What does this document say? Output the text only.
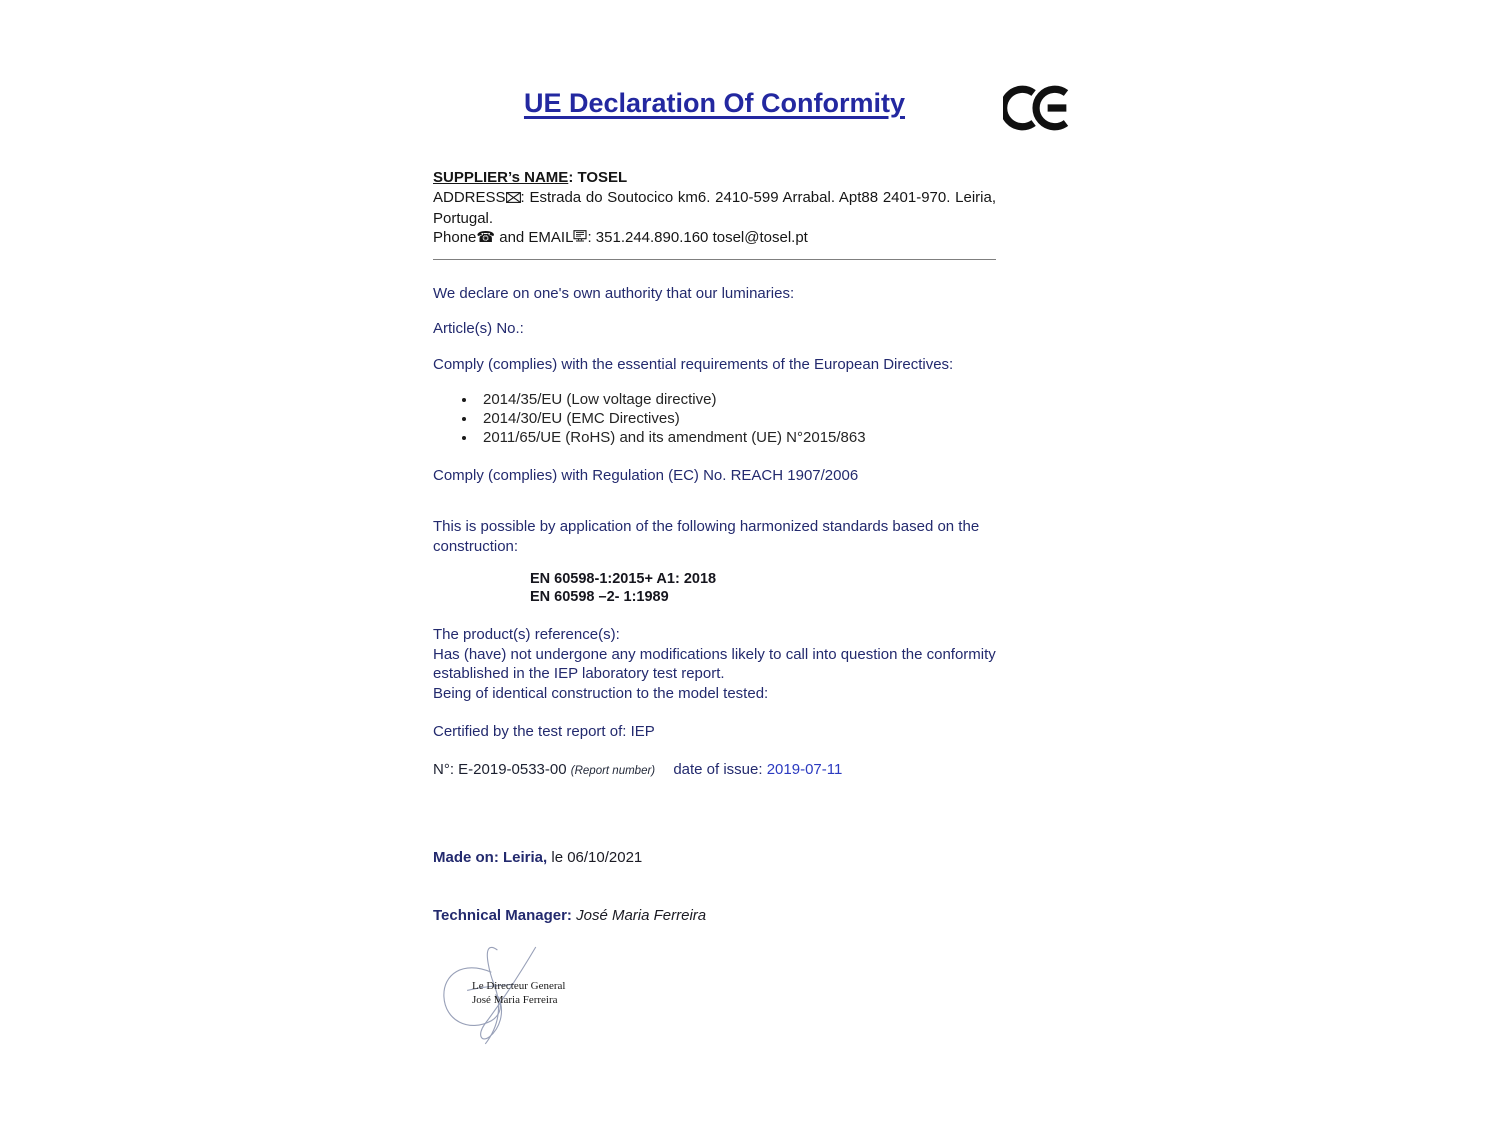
UE Declaration Of Conformity

SUPPLIER’s NAME: TOSEL

ADDRESS : Estrada do Soutocico km6. 2410-599 Arrabal. Apt88 2401-970. Leiria, Portugal.

Phone☎ and EMAIL : 351.244.890.160 tosel@tosel.pt

We declare on one's own authority that our luminaries:

Article(s) No.:

Comply (complies) with the essential requirements of the European Directives:

• 2014/35/EU (Low voltage directive)
• 2014/30/EU (EMC Directives)
• 2011/65/UE (RoHS) and its amendment (UE) N°2015/863

Comply (complies) with Regulation (EC) No. REACH 1907/2006

This is possible by application of the following harmonized standards based on the construction:

EN 60598-1:2015+ A1: 2018
EN 60598 –2- 1:1989
The product(s) reference(s):
Has (have) not undergone any modifications likely to call into question the conformity established in the IEP laboratory test report.
Being of identical construction to the model tested:

Certified by the test report of: IEP

N°: E-2019-0533-00 (Report number) date of issue: 2019-07-11

Made on: Leiria, le 06/10/2021

Technical Manager: José Maria Ferreira

Le Directeur General
José Maria Ferreira
